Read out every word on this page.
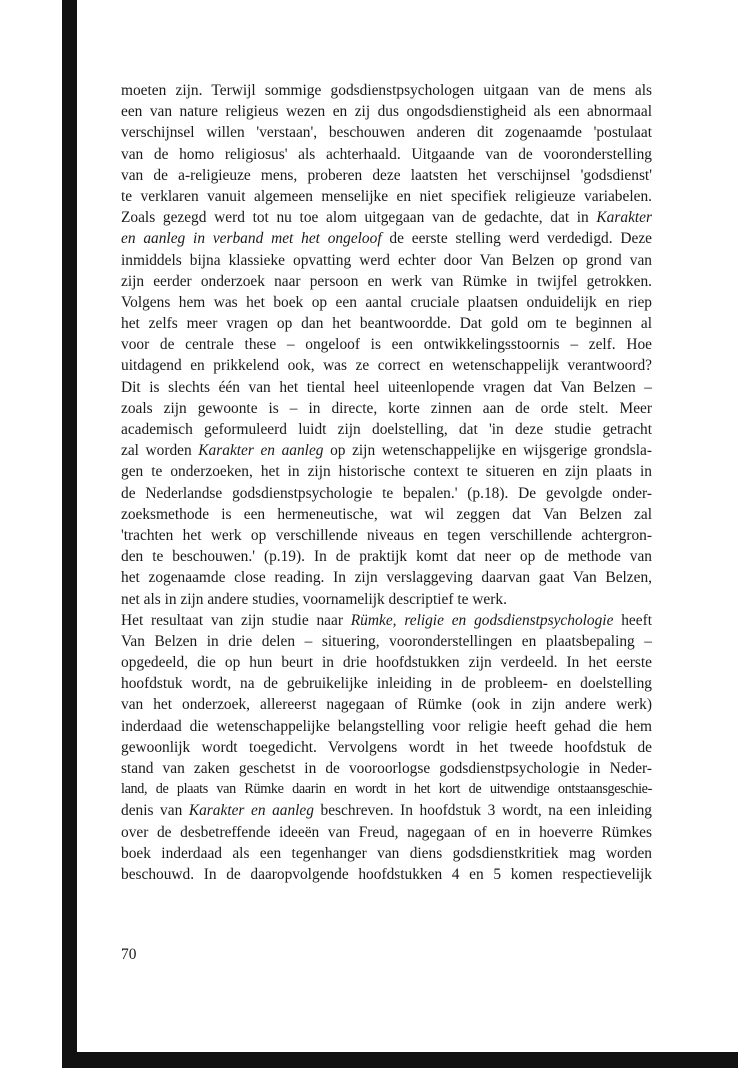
moeten zijn. Terwijl sommige godsdienstpsychologen uitgaan van de mens als
een van nature religieus wezen en zij dus ongodsdienstigheid als een abnormaal
verschijnsel willen 'verstaan', beschouwen anderen dit zogenaamde 'postulaat
van de homo religiosus' als achterhaald. Uitgaande van de vooronderstelling
van de a-religieuze mens, proberen deze laatsten het verschijnsel 'godsdienst'
te verklaren vanuit algemeen menselijke en niet specifiek religieuze variabelen.
Zoals gezegd werd tot nu toe alom uitgegaan van de gedachte, dat in Karakter
en aanleg in verband met het ongeloof de eerste stelling werd verdedigd. Deze
inmiddels bijna klassieke opvatting werd echter door Van Belzen op grond van
zijn eerder onderzoek naar persoon en werk van Rümke in twijfel getrokken.
Volgens hem was het boek op een aantal cruciale plaatsen onduidelijk en riep
het zelfs meer vragen op dan het beantwoordde. Dat gold om te beginnen al
voor de centrale these – ongeloof is een ontwikkelingsstoornis – zelf. Hoe
uitdagend en prikkelend ook, was ze correct en wetenschappelijk verantwoord?
Dit is slechts één van het tiental heel uiteenlopende vragen dat Van Belzen –
zoals zijn gewoonte is – in directe, korte zinnen aan de orde stelt. Meer
academisch geformuleerd luidt zijn doelstelling, dat 'in deze studie getracht
zal worden Karakter en aanleg op zijn wetenschappelijke en wijsgerige grondsla-
gen te onderzoeken, het in zijn historische context te situeren en zijn plaats in
de Nederlandse godsdienstpsychologie te bepalen.' (p.18). De gevolgde onder-
zoeksmethode is een hermeneutische, wat wil zeggen dat Van Belzen zal
'trachten het werk op verschillende niveaus en tegen verschillende achtergron-
den te beschouwen.' (p.19). In de praktijk komt dat neer op de methode van
het zogenaamde close reading. In zijn verslaggeving daarvan gaat Van Belzen,
net als in zijn andere studies, voornamelijk descriptief te werk.
Het resultaat van zijn studie naar Rümke, religie en godsdienstpsychologie heeft
Van Belzen in drie delen – situering, vooronderstellingen en plaatsbepaling –
opgedeeld, die op hun beurt in drie hoofdstukken zijn verdeeld. In het eerste
hoofdstuk wordt, na de gebruikelijke inleiding in de probleem- en doelstelling
van het onderzoek, allereerst nagegaan of Rümke (ook in zijn andere werk)
inderdaad die wetenschappelijke belangstelling voor religie heeft gehad die hem
gewoonlijk wordt toegedicht. Vervolgens wordt in het tweede hoofdstuk de
stand van zaken geschetst in de vooroorlogse godsdienstpsychologie in Neder-
land, de plaats van Rümke daarin en wordt in het kort de uitwendige ontstaansgeschie-
denis van Karakter en aanleg beschreven. In hoofdstuk 3 wordt, na een inleiding
over de desbetreffende ideeën van Freud, nagegaan of en in hoeverre Rümkes
boek inderdaad als een tegenhanger van diens godsdienstkritiek mag worden
beschouwd. In de daaropvolgende hoofdstukken 4 en 5 komen respectievelijk
70
